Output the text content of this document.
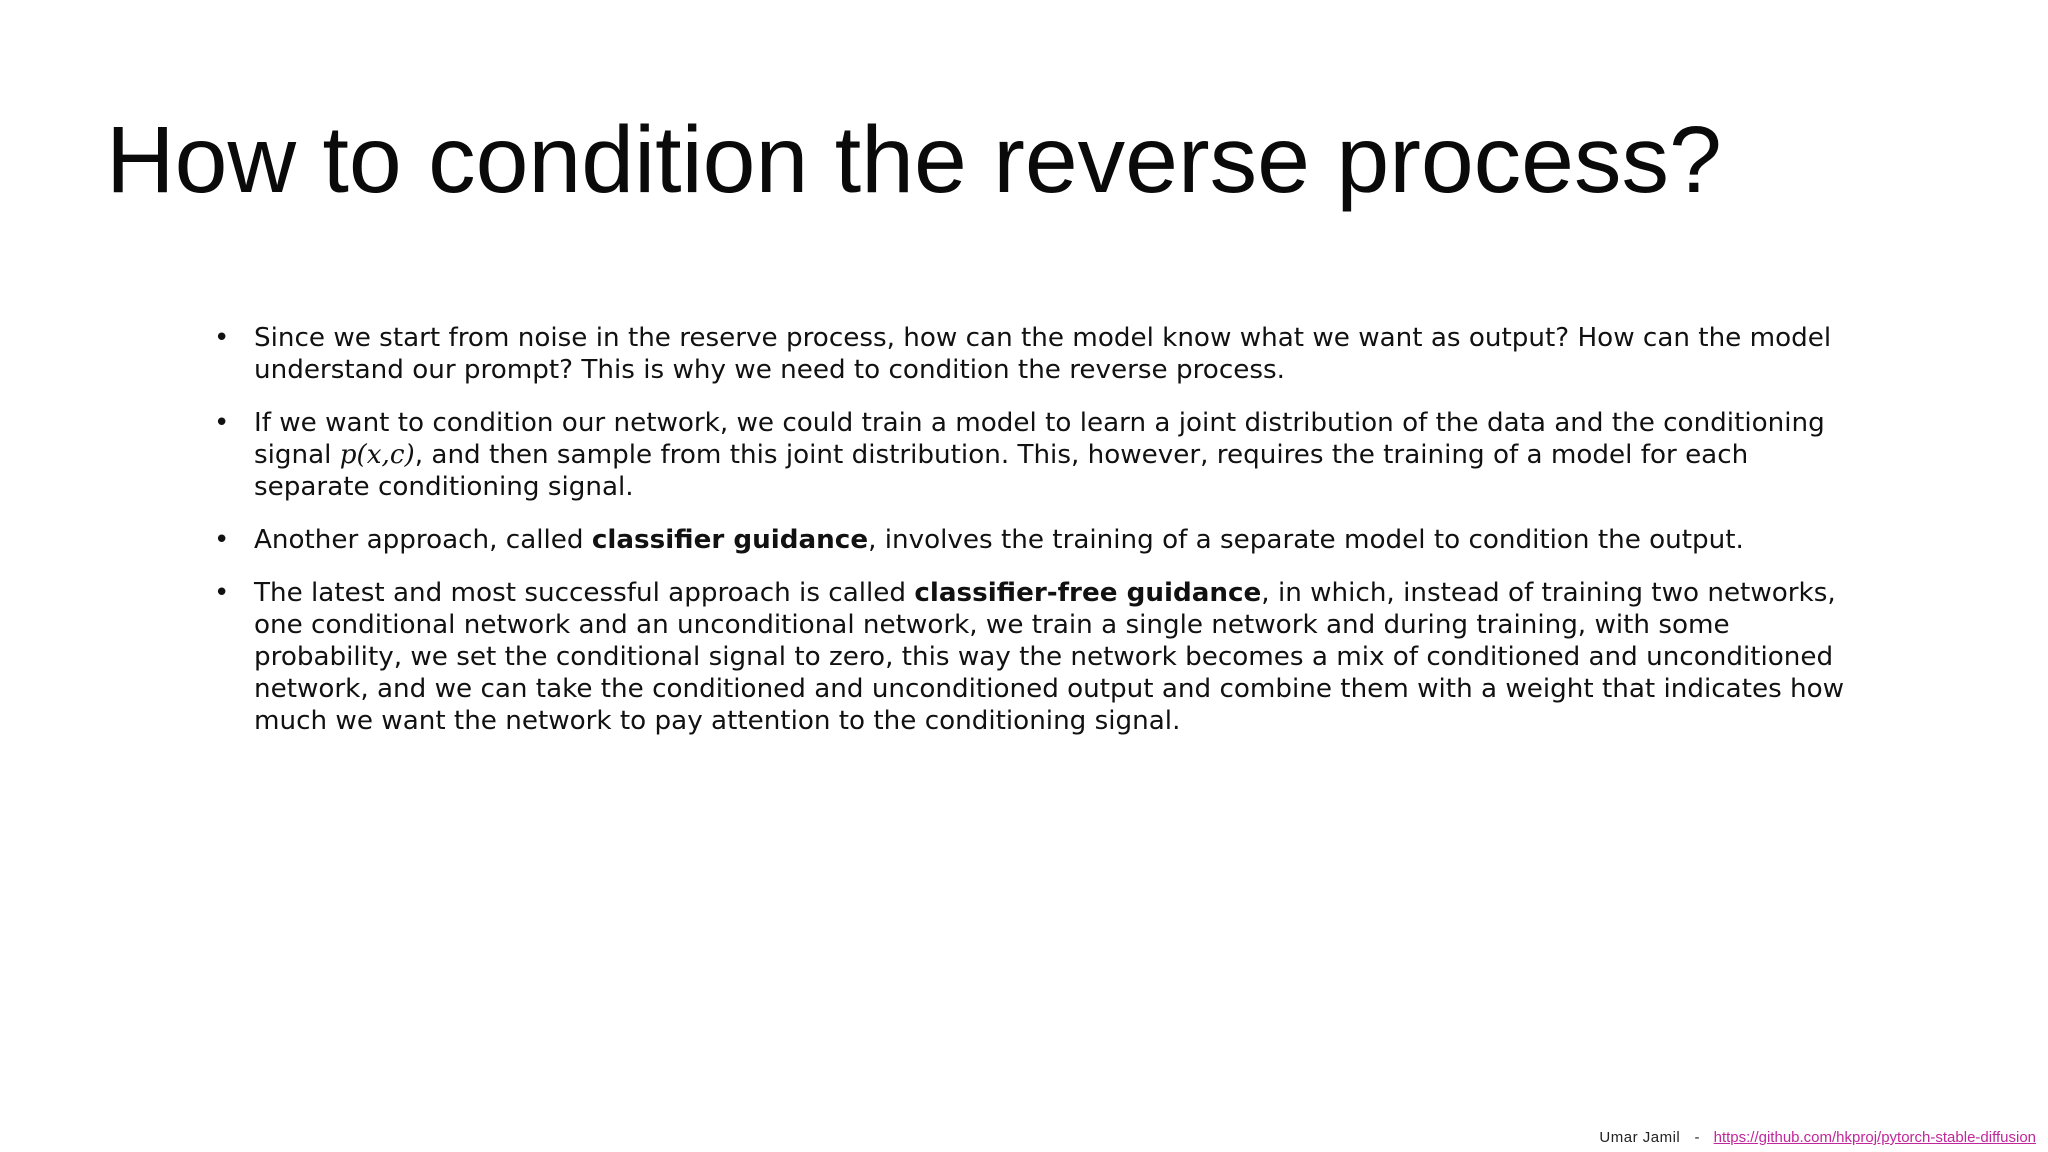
How to condition the reverse process?
• Since we start from noise in the reserve process, how can the model know what we want as output? How can the model understand our prompt? This is why we need to condition the reverse process.
• If we want to condition our network, we could train a model to learn a joint distribution of the data and the conditioning signal p(x,c), and then sample from this joint distribution. This, however, requires the training of a model for each separate conditioning signal.
• Another approach, called classifier guidance, involves the training of a separate model to condition the output.
• The latest and most successful approach is called classifier-free guidance, in which, instead of training two networks, one conditional network and an unconditional network, we train a single network and during training, with some probability, we set the conditional signal to zero, this way the network becomes a mix of conditioned and unconditioned network, and we can take the conditioned and unconditioned output and combine them with a weight that indicates how much we want the network to pay attention to the conditioning signal.
Umar Jamil - https://github.com/hkproj/pytorch-stable-diffusion
